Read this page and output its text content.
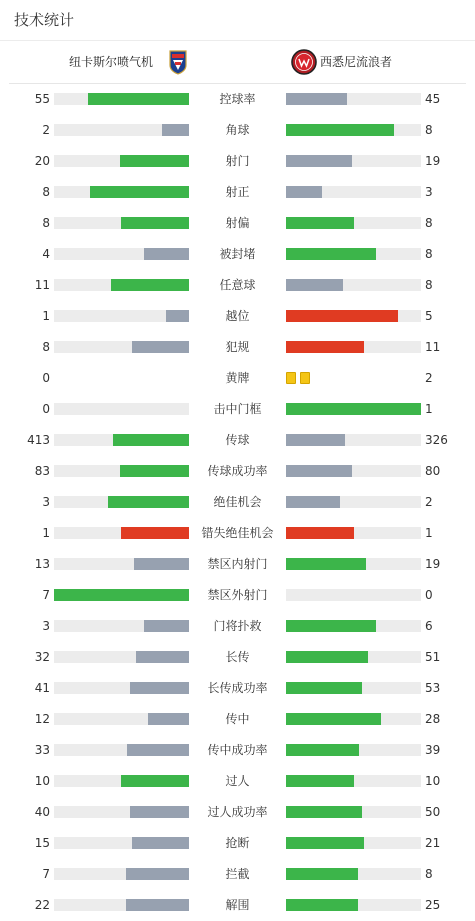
技术统计
纽卡斯尔喷气机	西悉尼流浪者
55	控球率	45
2	角球	8
20	射门	19
8	射正	3
8	射偏	8
4	被封堵	8
11	任意球	8
1	越位	5
8	犯规	11
0	黄牌	2
0	击中门框	1
413	传球	326
83	传球成功率	80
3	绝佳机会	2
1	错失绝佳机会	1
13	禁区内射门	19
7	禁区外射门	0
3	门将扑救	6
32	长传	51
41	长传成功率	53
12	传中	28
33	传中成功率	39
10	过人	10
40	过人成功率	50
15	抢断	21
7	拦截	8
22	解围	25
